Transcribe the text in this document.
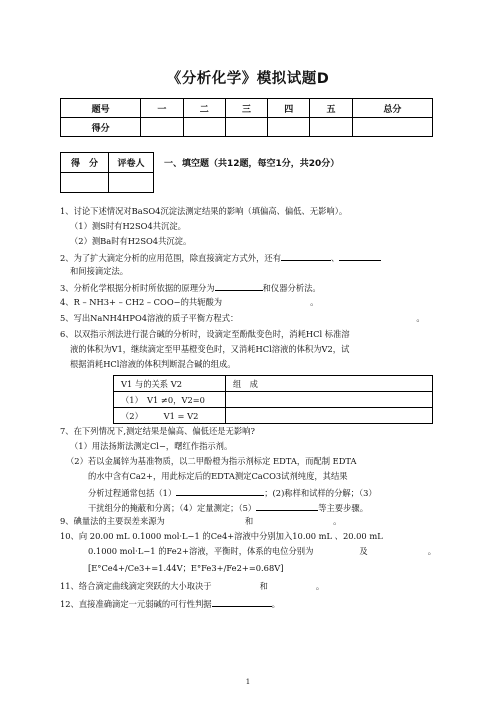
《分析化学》模拟试题D
题号	一	二	三	四	五	总分
得分						
得　分	评卷人
	一、填空题（共12题，每空1分，共20分）
1、讨论下述情况对BaSO4沉淀法测定结果的影响（填偏高、偏低、无影响）。
（1）测S时有H2SO4共沉淀。
（2）测Ba时有H2SO4共沉淀。
2、为了扩大滴定分析的应用范围，除直接滴定方式外，还有	、
和间接滴定法。
3、分析化学根据分析时所依据的原理分为	和仪器分析法。
4、R – NH3+ – CH2 – COO−的共轭酸为	。
5、写出NaNH4HPO4溶液的质子平衡方程式：	。
6、以双指示剂法进行混合碱的分析时，设滴定至酚酞变色时，消耗HCl 标准溶
液的体积为V1，继续滴定至甲基橙变色时，又消耗HCl溶液的体积为V2，试
根据消耗HCl溶液的体积判断混合碱的组成。
V1 与的关系 V2	组　成
（1）　V1 ≠0，V2=0	
（2）　　　V1 = V2	
7、在下列情况下,测定结果是偏高、偏低还是无影响?
（1）用法扬斯法测定Cl−，曙红作指示剂。
（2）若以金属锌为基准物质，以二甲酚橙为指示剂标定 EDTA，而配制 EDTA
的水中含有Ca2+，用此标定后的EDTA测定CaCO3试剂纯度，其结果
分析过程通常包括（1）	；(2)称样和试样的分解；（3）
干扰组分的掩蔽和分离；（4）定量测定；（5）	等主要步骤。
9、碘量法的主要误差来源为	和	。
10、向 20.00 mL 0.1000 mol·L−1 的Ce4+溶液中分别加入10.00 mL 、20.00 mL
0.1000 mol·L−1 的Fe2+溶液，平衡时，体系的电位分别为	及	。
[E°Ce4+/Ce3+=1.44V；E°Fe3+/Fe2+=0.68V]
11、络合滴定曲线滴定突跃的大小取决于	和	。
12、直接准确滴定一元弱碱的可行性判据	。
1
